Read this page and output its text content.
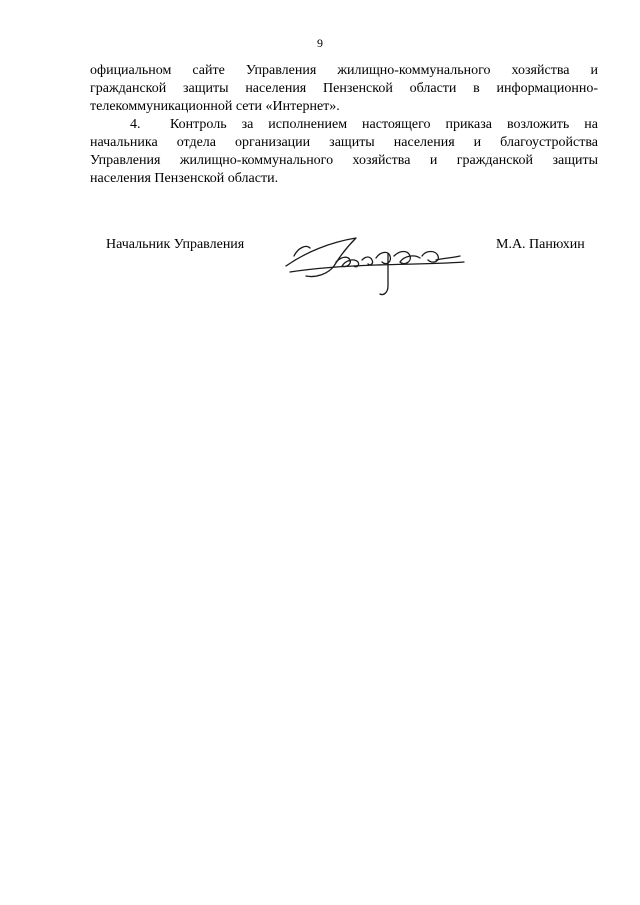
9
официальном сайте Управления жилищно-коммунального хозяйства и
гражданской защиты населения Пензенской области в информационно-
телекоммуникационной сети «Интернет».
4. Контроль за исполнением настоящего приказа возложить на
начальника отдела организации защиты населения и благоустройства
Управления жилищно-коммунального хозяйства и гражданской защиты
населения Пензенской области.
Начальник Управления	М.А. Панюхин
